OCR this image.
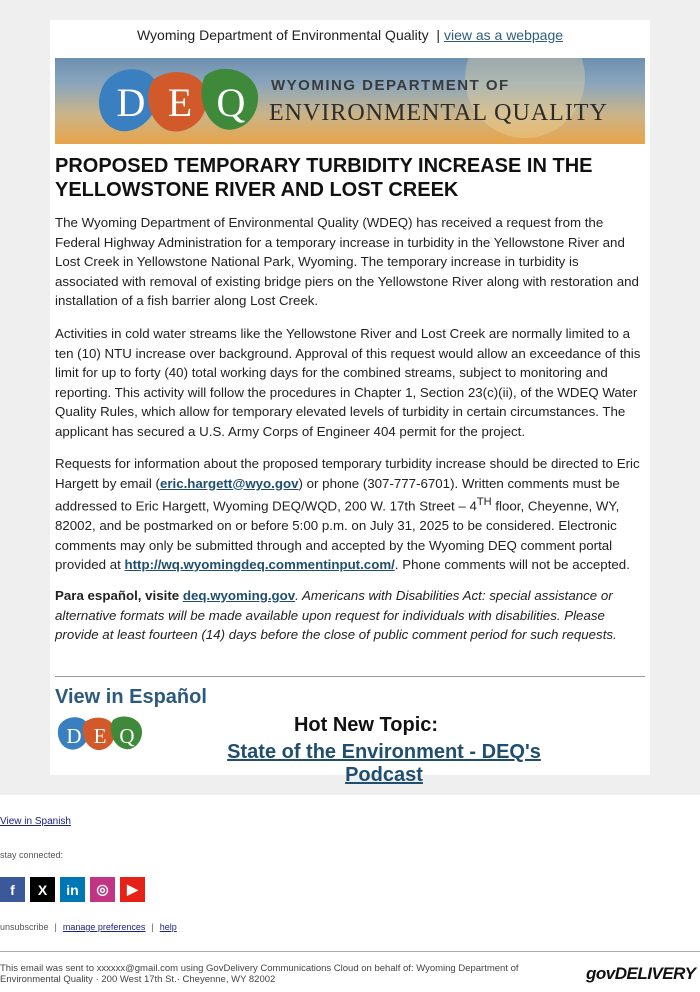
Wyoming Department of Environmental Quality | view as a webpage
D E Q WYOMING DEPARTMENT OF
ENVIRONMENTAL QUALITY
PROPOSED TEMPORARY TURBIDITY INCREASE IN THE YELLOWSTONE RIVER AND LOST CREEK

The Wyoming Department of Environmental Quality (WDEQ) has received a request from the Federal Highway Administration for a temporary increase in turbidity in the Yellowstone River and Lost Creek in Yellowstone National Park, Wyoming. The temporary increase in turbidity is associated with removal of existing bridge piers on the Yellowstone River along with restoration and installation of a fish barrier along Lost Creek.

Activities in cold water streams like the Yellowstone River and Lost Creek are normally limited to a ten (10) NTU increase over background. Approval of this request would allow an exceedance of this limit for up to forty (40) total working days for the combined streams, subject to monitoring and reporting. This activity will follow the procedures in Chapter 1, Section 23(c)(ii), of the WDEQ Water Quality Rules, which allow for temporary elevated levels of turbidity in certain circumstances. The applicant has secured a U.S. Army Corps of Engineer 404 permit for the project.

Requests for information about the proposed temporary turbidity increase should be directed to Eric Hargett by email (eric.hargett@wyo.gov) or phone (307-777-6701). Written comments must be addressed to Eric Hargett, Wyoming DEQ/WQD, 200 W. 17th Street – 4TH floor, Cheyenne, WY, 82002, and be postmarked on or before 5:00 p.m. on July 31, 2025 to be considered. Electronic comments may only be submitted through and accepted by the Wyoming DEQ comment portal provided at http://wq.wyomingdeq.commentinput.com/. Phone comments will not be accepted.

Para español, visite deq.wyoming.gov. Americans with Disabilities Act: special assistance or alternative formats will be made available upon request for individuals with disabilities. Please provide at least fourteen (14) days before the close of public comment period for such requests.

View in Español
D E Q	Hot New Topic:
State of the Environment - DEQ's Podcast
View in Spanish
stay connected:
f	X	in	◎	▶
unsubscribe | manage preferences | help
This email was sent to xxxxxx@gmail.com using GovDelivery Communications Cloud on behalf of: Wyoming Department of Environmental Quality · 200 West 17th St.· Cheyenne, WY 82002	govDELIVERY
